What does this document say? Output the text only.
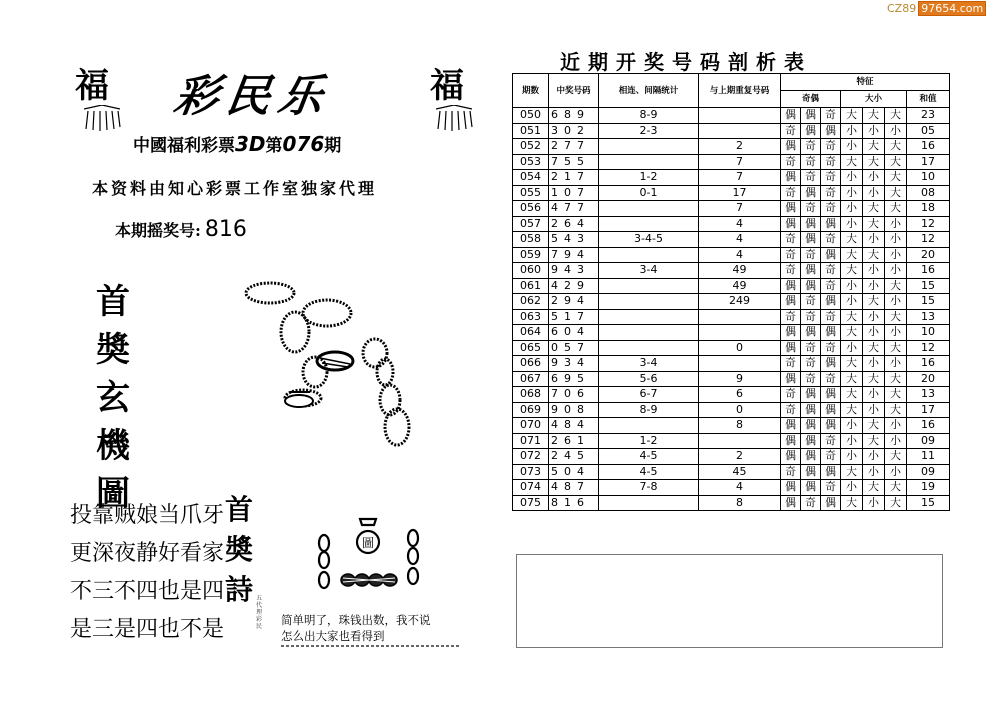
CZ89 97654.com
福	福
彩民乐
中國福利彩票3D第076期
本资料由知心彩票工作室独家代理
本期摇奖号: 816
首
奬
玄
機
圖
投靠贼娘当爪牙
更深夜静好看家
不三不四也是四
是三是四也不是
首
奬
詩 五代理彩民
圖
简单明了，珠钱出数，我不说
怎么出大家也看得到
近期开奖号码剖析表
期数	中奖号码	相连、间隔统计	与上期重复号码	特征						
				奇偶			大小			和值
050	689	8-9		偶	偶	奇	大	大	大	23
051	302	2-3		奇	偶	偶	小	小	小	05
052	277		2	偶	奇	奇	小	大	大	16
053	755		7	奇	奇	奇	大	大	大	17
054	217	1-2	7	偶	奇	奇	小	小	大	10
055	107	0-1	17	奇	偶	奇	小	小	大	08
056	477		7	偶	奇	奇	小	大	大	18
057	264		4	偶	偶	偶	小	大	小	12
058	543	3-4-5	4	奇	偶	奇	大	小	小	12
059	794		4	奇	奇	偶	大	大	小	20
060	943	3-4	49	奇	偶	奇	大	小	小	16
061	429		49	偶	偶	奇	小	小	大	15
062	294		249	偶	奇	偶	小	大	小	15
063	517			奇	奇	奇	大	小	大	13
064	604			偶	偶	偶	大	小	小	10
065	057		0	偶	奇	奇	小	大	大	12
066	934	3-4		奇	奇	偶	大	小	小	16
067	695	5-6	9	偶	奇	奇	大	大	大	20
068	706	6-7	6	奇	偶	偶	大	小	大	13
069	908	8-9	0	奇	偶	偶	大	小	大	17
070	484		8	偶	偶	偶	小	大	小	16
071	261	1-2		偶	偶	奇	小	大	小	09
072	245	4-5	2	偶	偶	奇	小	小	大	11
073	504	4-5	45	奇	偶	偶	大	小	小	09
074	487	7-8	4	偶	偶	奇	小	大	大	19
075	816		8	偶	奇	偶	大	小	大	15
